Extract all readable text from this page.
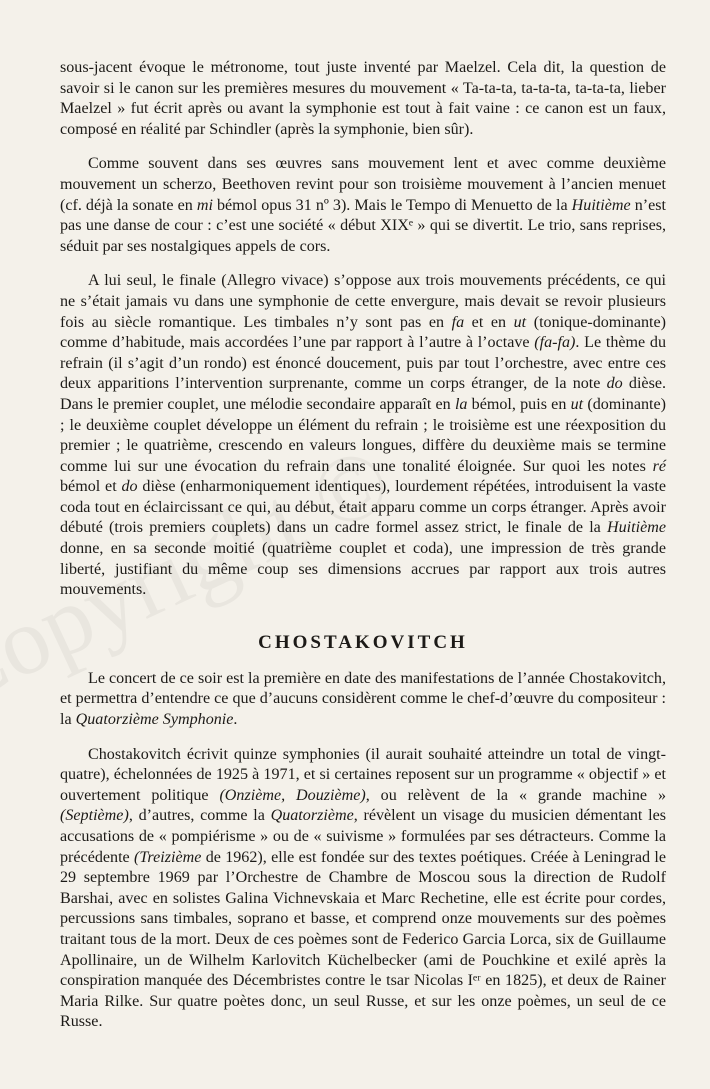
sous-jacent évoque le métronome, tout juste inventé par Maelzel. Cela dit, la question de savoir si le canon sur les premières mesures du mouvement « Ta-ta-ta, ta-ta-ta, ta-ta-ta, lieber Maelzel » fut écrit après ou avant la symphonie est tout à fait vaine : ce canon est un faux, composé en réalité par Schindler (après la symphonie, bien sûr).

Comme souvent dans ses œuvres sans mouvement lent et avec comme deuxième mouvement un scherzo, Beethoven revint pour son troisième mouvement à l’ancien menuet (cf. déjà la sonate en mi bémol opus 31 nº 3). Mais le Tempo di Menuetto de la Huitième n’est pas une danse de cour : c’est une société « début XIXᵉ » qui se divertit. Le trio, sans reprises, séduit par ses nostalgiques appels de cors.

A lui seul, le finale (Allegro vivace) s’oppose aux trois mouvements précédents, ce qui ne s’était jamais vu dans une symphonie de cette envergure, mais devait se revoir plusieurs fois au siècle romantique. Les timbales n’y sont pas en fa et en ut (tonique-dominante) comme d’habitude, mais accordées l’une par rapport à l’autre à l’octave (fa-fa). Le thème du refrain (il s’agit d’un rondo) est énoncé doucement, puis par tout l’orchestre, avec entre ces deux apparitions l’intervention surprenante, comme un corps étranger, de la note do dièse. Dans le premier couplet, une mélodie secondaire apparaît en la bémol, puis en ut (dominante) ; le deuxième couplet développe un élément du refrain ; le troisième est une réexposition du premier ; le quatrième, crescendo en valeurs longues, diffère du deuxième mais se termine comme lui sur une évocation du refrain dans une tonalité éloignée. Sur quoi les notes ré bémol et do dièse (enharmoniquement identiques), lourdement répétées, introduisent la vaste coda tout en éclaircissant ce qui, au début, était apparu comme un corps étranger. Après avoir débuté (trois premiers couplets) dans un cadre formel assez strict, le finale de la Huitième donne, en sa seconde moitié (quatrième couplet et coda), une impression de très grande liberté, justifiant du même coup ses dimensions accrues par rapport aux trois autres mouvements.

CHOSTAKOVITCH

Le concert de ce soir est la première en date des manifestations de l’année Chostakovitch, et permettra d’entendre ce que d’aucuns considèrent comme le chef-d’œuvre du compositeur : la Quatorzième Symphonie.

Chostakovitch écrivit quinze symphonies (il aurait souhaité atteindre un total de vingt-quatre), échelonnées de 1925 à 1971, et si certaines reposent sur un programme « objectif » et ouvertement politique (Onzième, Douzième), ou relèvent de la « grande machine » (Septième), d’autres, comme la Quatorzième, révèlent un visage du musicien démentant les accusations de « pompiérisme » ou de « suivisme » formulées par ses détracteurs. Comme la précédente (Treizième de 1962), elle est fondée sur des textes poétiques. Créée à Leningrad le 29 septembre 1969 par l’Orchestre de Chambre de Moscou sous la direction de Rudolf Barshai, avec en solistes Galina Vichnevskaia et Marc Rechetine, elle est écrite pour cordes, percussions sans timbales, soprano et basse, et comprend onze mouvements sur des poèmes traitant tous de la mort. Deux de ces poèmes sont de Federico Garcia Lorca, six de Guillaume Apollinaire, un de Wilhelm Karlovitch Küchelbecker (ami de Pouchkine et exilé après la conspiration manquée des Décembristes contre le tsar Nicolas Iᵉʳ en 1825), et deux de Rainer Maria Rilke. Sur quatre poètes donc, un seul Russe, et sur les onze poèmes, un seul de ce Russe.
